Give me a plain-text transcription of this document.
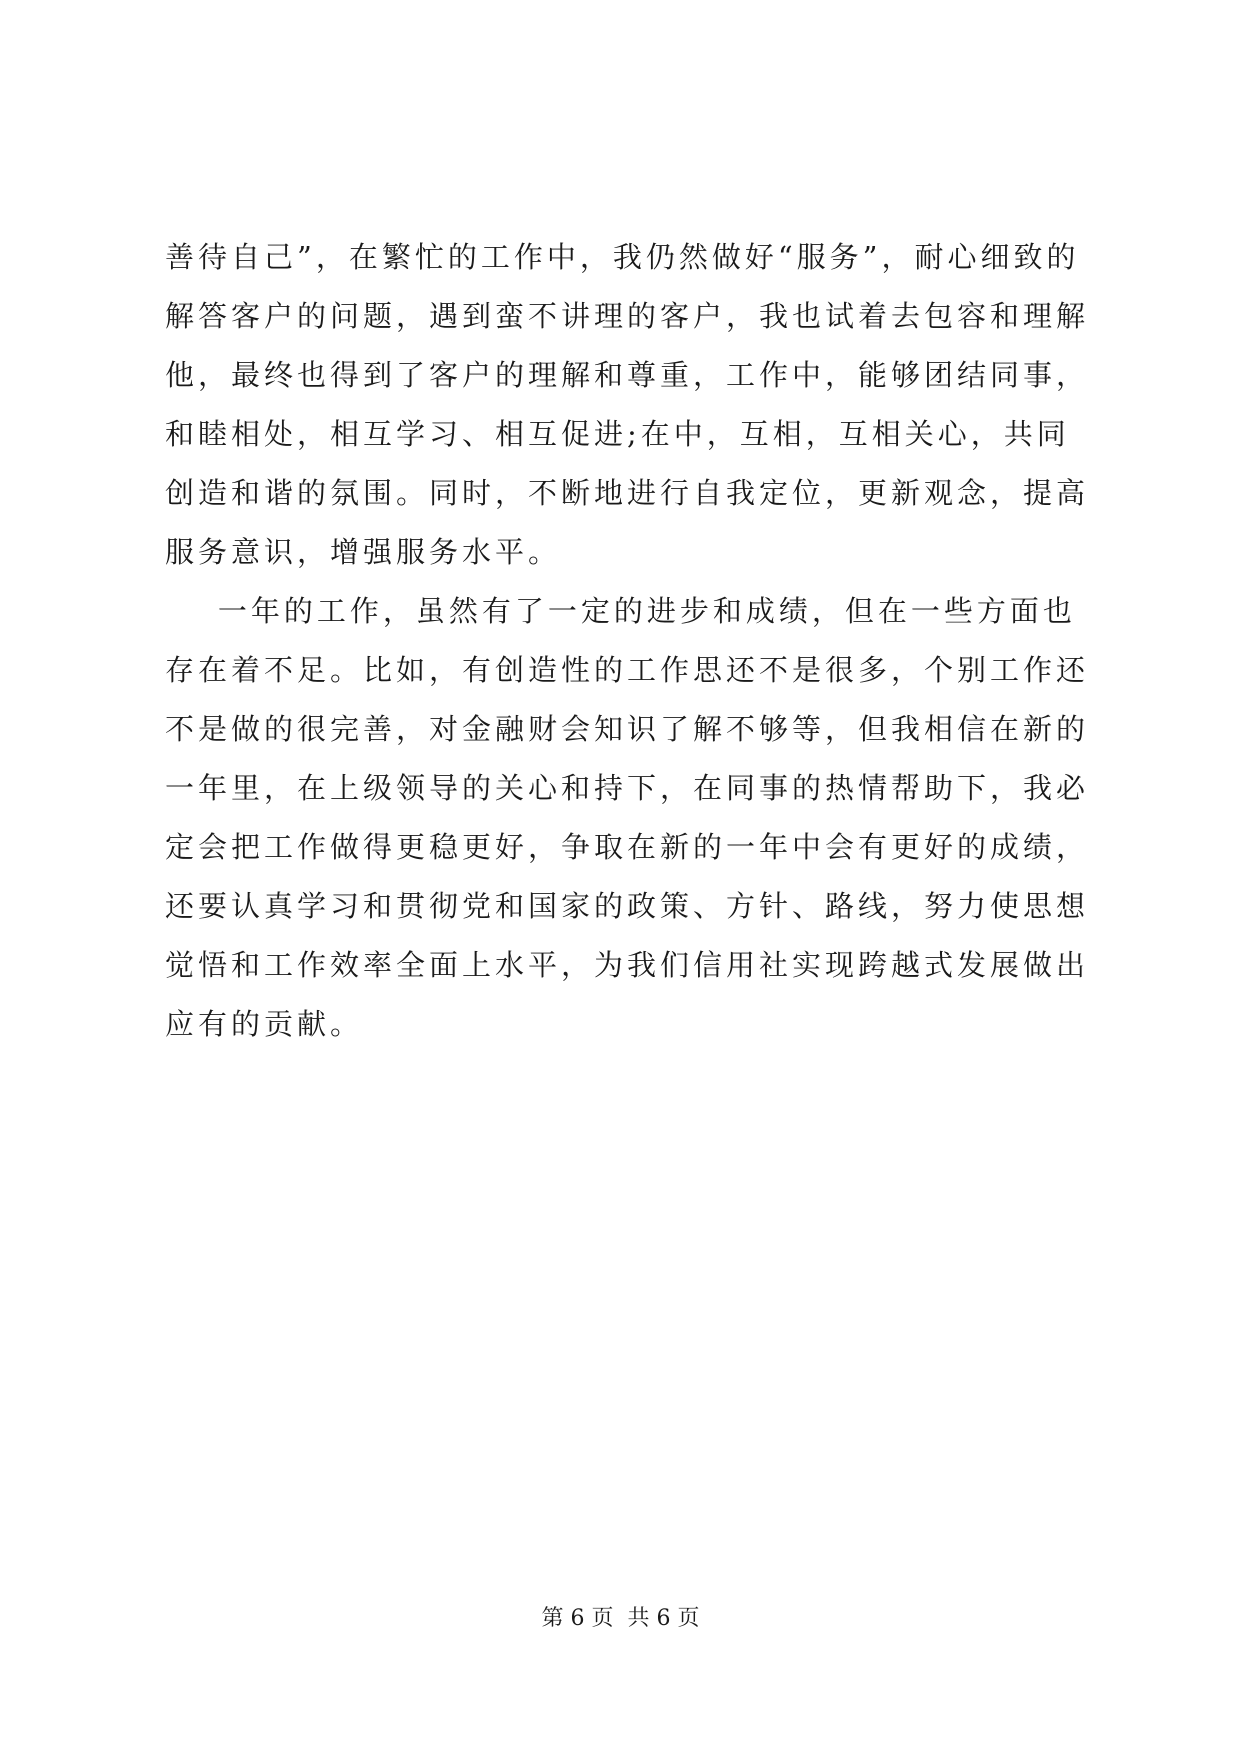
善待自己”，在繁忙的工作中，我仍然做好“服务”，耐心细致的
解答客户的问题，遇到蛮不讲理的客户，我也试着去包容和理解
他，最终也得到了客户的理解和尊重，工作中，能够团结同事，
和睦相处，相互学习、相互促进;在中，互相，互相关心，共同
创造和谐的氛围。同时，不断地进行自我定位，更新观念，提高
服务意识，增强服务水平。
一年的工作，虽然有了一定的进步和成绩，但在一些方面也
存在着不足。比如，有创造性的工作思还不是很多，个别工作还
不是做的很完善，对金融财会知识了解不够等，但我相信在新的
一年里，在上级领导的关心和持下，在同事的热情帮助下，我必
定会把工作做得更稳更好，争取在新的一年中会有更好的成绩，
还要认真学习和贯彻党和国家的政策、方针、路线，努力使思想
觉悟和工作效率全面上水平，为我们信用社实现跨越式发展做出
应有的贡献。
第 6 页  共 6 页
